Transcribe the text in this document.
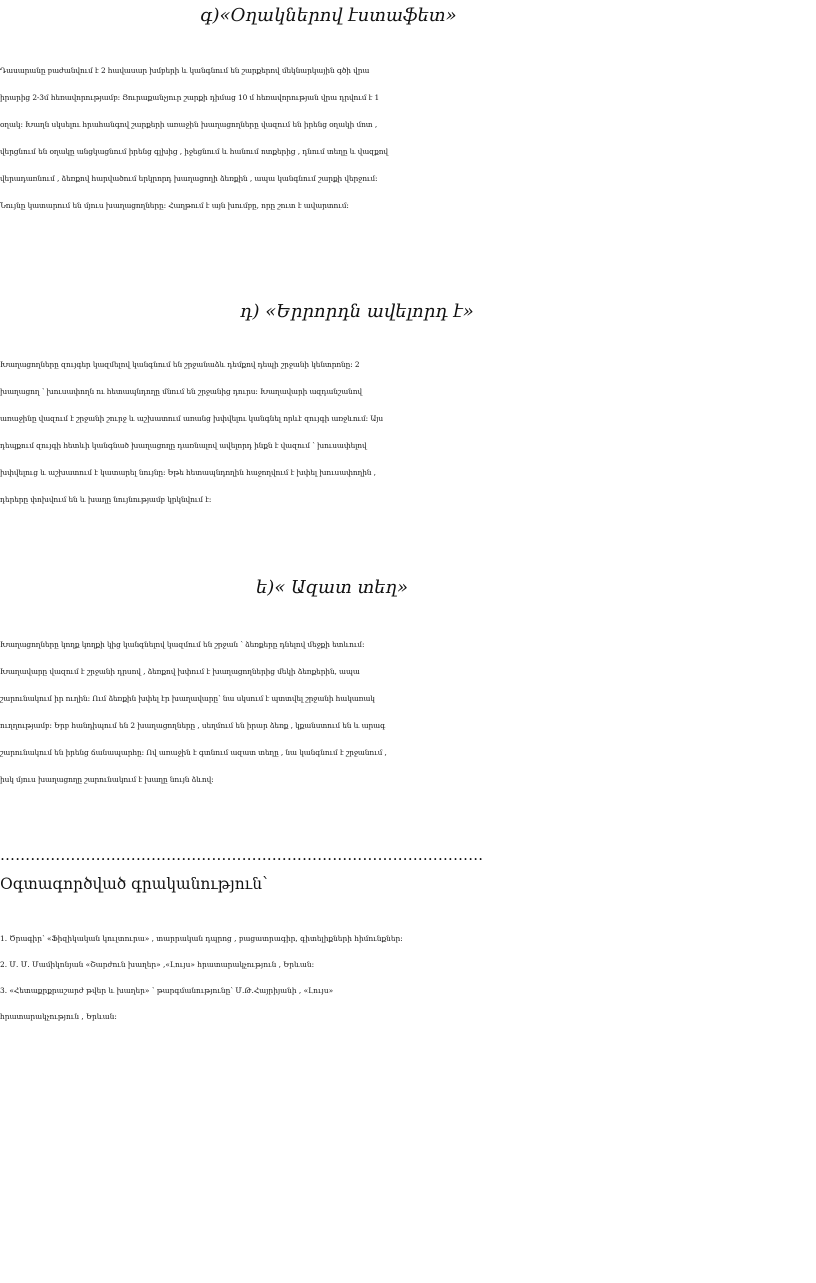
գ)«Օղակներով էստաֆետ»

Դասարանը բաժանվում է 2 հավասար խմբերի և կանգնում են շարքերով մեկնարկային գծի վրա
իրարից 2-3մ հեռավորությամբ: Յուրաքանչյուր շարքի դիմաց 10 մ հեռավորության վրա դրվում է 1
օղակ: Խաղն սկսելու հրահանգով շարքերի առաջին խաղացողները վազում են իրենց օղակի մոտ ,
վերցնում են օղակը անցկացնում իրենց գլխից , իջեցնում և հանում ոտքերից , դնում տեղը և վազքով
վերադառնում , ձեռքով հարվածում երկրորդ խաղացողի ձեռքին , ապա կանգնում շարքի վերջում:
Նույնը կատարում են մյուս խաղացողները: Հաղթում է այն խումբը, որը շուտ է ավարտում:

դ) «Երրորդն ավելորդ է»

Խաղացողները զույգեր կազմելով կանգնում են շրջանաձև դեմքով դեպի շրջանի կենտրոնը: 2
խաղացող ՝ խուսափողն ու հետապնդողը մնում են շրջանից դուրս: Խաղավարի ազդանշանով
առաջինը վազում է շրջանի շուրջ և աշխատում առանց խփվելու կանգնել որևէ զույգի առջևում: Այս
դեպքում զույգի հետևի կանգնած խաղացողը դառնալով ավելորդ ինքն է վազում ՝ խուսափելով
խփվելուց և աշխատում է կատարել նույնը: Եթե հետապնդողին հաջողվում է խփել խուսափողին ,
դերերը փոխվում են և խաղը նույնությամբ կրկնվում է:

ե)« Ազատ տեղ»

Խաղացողները կողք կողքի կից կանգնելով կազմում են շրջան ՝ ձեռքերը դնելով մեջքի ետևում:
Խաղավարը վազում է շրջանի դրսով , ձեռքով խփում է խաղացողներից մեկի ձեռքերին, ապա
շարունակում իր ուղին: Ում ձեռքին խփել էր խաղավարը՝ նա սկսում է պտտվել շրջանի հակառակ
ուղղությամբ: Երբ հանդիպում են 2 խաղացողները , սեղմում են իրար ձեռք , կքանստում են և արագ
շարունակում են իրենց ճանապարհը: Ով առաջին է գտնում ազատ տեղը , նա կանգնում է շրջանում ,
իսկ մյուս խաղացողը շարունակում է խաղը նույն ձևով:

……………………………………………………………………………………
Օգտագործված գրականություն՝

1. Ծրագիր՝ «Ֆիզիկական կուլտուրա» , տարրական դպրոց , բացատրագիր, գիտելիքների հիմունքներ:
2. Մ. Մ. Մամիկոնյան «Շարժուն խաղեր» ,«Լույս» հրատարակչություն , Երևան:
3. «Հետաքրքրաշարժ թվեր և խաղեր» ՝ թարգմանությունը՝ Մ.Թ.Հայրիյանի , «Լույս»
հրատարակչություն , Երևան:
